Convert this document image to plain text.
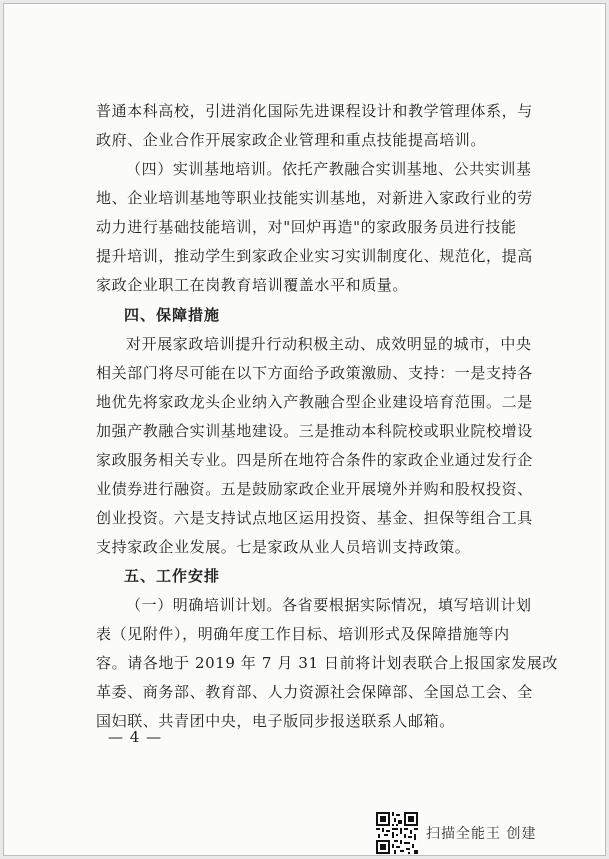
普通本科高校，引进消化国际先进课程设计和教学管理体系，与
政府、企业合作开展家政企业管理和重点技能提高培训。
（四）实训基地培训。依托产教融合实训基地、公共实训基
地、企业培训基地等职业技能实训基地，对新进入家政行业的劳
动力进行基础技能培训，对"回炉再造"的家政服务员进行技能
提升培训，推动学生到家政企业实习实训制度化、规范化，提高
家政企业职工在岗教育培训覆盖水平和质量。
四、保障措施
对开展家政培训提升行动积极主动、成效明显的城市，中央
相关部门将尽可能在以下方面给予政策激励、支持：一是支持各
地优先将家政龙头企业纳入产教融合型企业建设培育范围。二是
加强产教融合实训基地建设。三是推动本科院校或职业院校增设
家政服务相关专业。四是所在地符合条件的家政企业通过发行企
业债券进行融资。五是鼓励家政企业开展境外并购和股权投资、
创业投资。六是支持试点地区运用投资、基金、担保等组合工具
支持家政企业发展。七是家政从业人员培训支持政策。
五、工作安排
（一）明确培训计划。各省要根据实际情况，填写培训计划
表（见附件），明确年度工作目标、培训形式及保障措施等内
容。请各地于 2019 年 7 月 31 日前将计划表联合上报国家发展改
革委、商务部、教育部、人力资源社会保障部、全国总工会、全
国妇联、共青团中央，电子版同步报送联系人邮箱。
— 4 —
扫描全能王 创建
